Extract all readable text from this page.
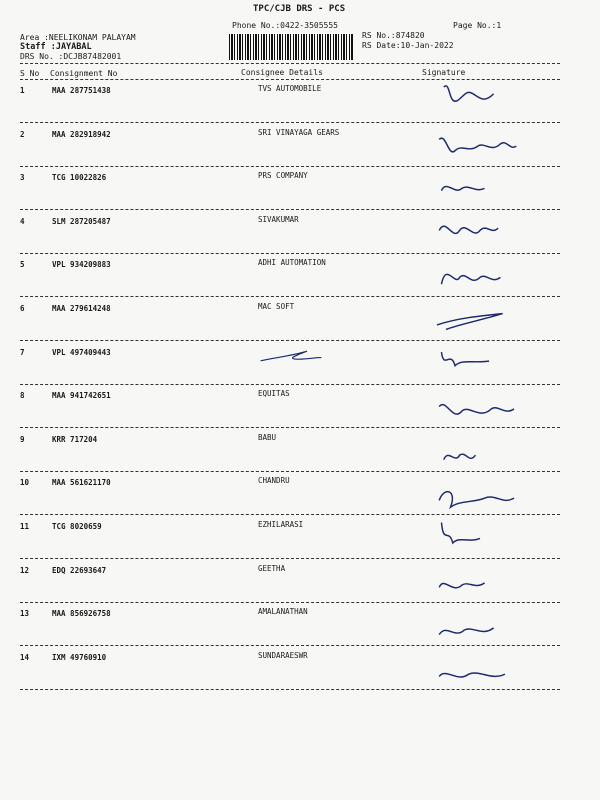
TPC/CJB DRS - PCS
Phone No.:0422-3505555	Page No.:1
Area :NEELIKONAM PALAYAM
Staff :JAYABAL
DRS No. :DCJB87482001
RS No.:874820
RS Date:10-Jan-2022
S No Consignment No	Consignee Details	Signature
1	MAA 287751438	TVS AUTOMOBILE
2	MAA 282918942	SRI VINAYAGA GEARS
3	TCG 10022826	PRS COMPANY
4	SLM 287205487	SIVAKUMAR
5	VPL 934209883	ADHI AUTOMATION
6	MAA 279614248	MAC SOFT
7	VPL 497409443
8	MAA 941742651	EQUITAS
9	KRR 717204	BABU
10	MAA 561621170	CHANDRU
11	TCG 8020659	EZHILARASI
12	EDQ 22693647	GEETHA
13	MAA 856926758	AMALANATHAN
14	IXM 49760910	SUNDARAESWR
